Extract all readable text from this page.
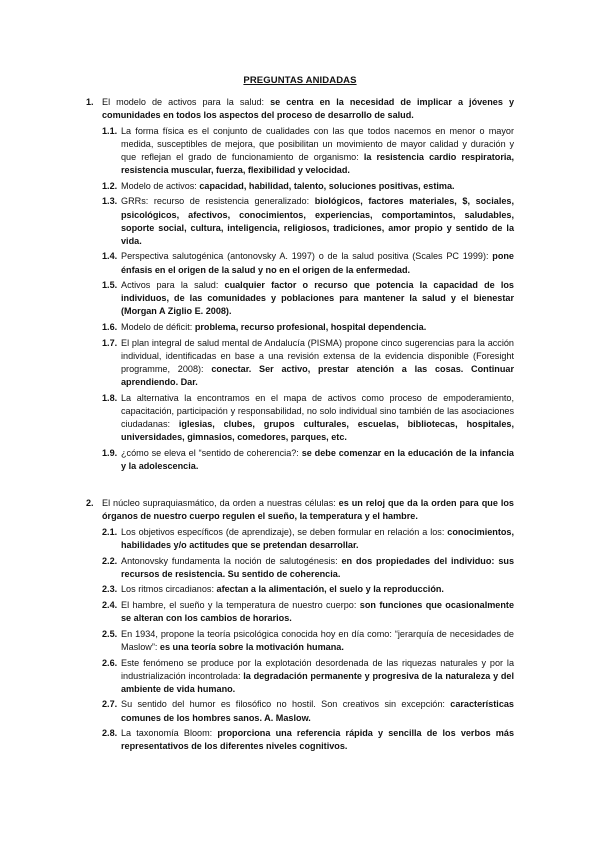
PREGUNTAS ANIDADAS
1. El modelo de activos para la salud: se centra en la necesidad de implicar a jóvenes y comunidades en todos los aspectos del proceso de desarrollo de salud.
1.1. La forma física es el conjunto de cualidades con las que todos nacemos en menor o mayor medida, susceptibles de mejora, que posibilitan un movimiento de mayor calidad y duración y que reflejan el grado de funcionamiento de organismo: la resistencia cardio respiratoria, resistencia muscular, fuerza, flexibilidad y velocidad.
1.2. Modelo de activos: capacidad, habilidad, talento, soluciones positivas, estima.
1.3. GRRs: recurso de resistencia generalizado: biológicos, factores materiales, $, sociales, psicológicos, afectivos, conocimientos, experiencias, comportamintos, saludables, soporte social, cultura, inteligencia, religiosos, tradiciones, amor propio y sentido de la vida.
1.4. Perspectiva salutogénica (antonovsky A. 1997) o de la salud positiva (Scales PC 1999): pone énfasis en el origen de la salud y no en el origen de la enfermedad.
1.5. Activos para la salud: cualquier factor o recurso que potencia la capacidad de los individuos, de las comunidades y poblaciones para mantener la salud y el bienestar (Morgan A Ziglio E. 2008).
1.6. Modelo de déficit: problema, recurso profesional, hospital dependencia.
1.7. El plan integral de salud mental de Andalucía (PISMA) propone cinco sugerencias para la acción individual, identificadas en base a una revisión extensa de la evidencia disponible (Foresight programme, 2008): conectar. Ser activo, prestar atención a las cosas. Continuar aprendiendo. Dar.
1.8. La alternativa la encontramos en el mapa de activos como proceso de empoderamiento, capacitación, participación y responsabilidad, no solo individual sino también de las asociaciones ciudadanas: iglesias, clubes, grupos culturales, escuelas, bibliotecas, hospitales, universidades, gimnasios, comedores, parques, etc.
1.9. ¿cómo se eleva el “sentido de coherencia?: se debe comenzar en la educación de la infancia y la adolescencia.
2. El núcleo supraquiasmático, da orden a nuestras células: es un reloj que da la orden para que los órganos de nuestro cuerpo regulen el sueño, la temperatura y el hambre.
2.1. Los objetivos específicos (de aprendizaje), se deben formular en relación a los: conocimientos, habilidades y/o actitudes que se pretendan desarrollar.
2.2. Antonovsky fundamenta la noción de salutogénesis: en dos propiedades del individuo: sus recursos de resistencia. Su sentido de coherencia.
2.3. Los ritmos circadianos: afectan a la alimentación, el suelo y la reproducción.
2.4. El hambre, el sueño y la temperatura de nuestro cuerpo: son funciones que ocasionalmente se alteran con los cambios de horarios.
2.5. En 1934, propone la teoría psicológica conocida hoy en día como: “jerarquía de necesidades de Maslow”: es una teoría sobre la motivación humana.
2.6. Este fenómeno se produce por la explotación desordenada de las riquezas naturales y por la industrialización incontrolada: la degradación permanente y progresiva de la naturaleza y del ambiente de vida humano.
2.7. Su sentido del humor es filosófico no hostil. Son creativos sin excepción: características comunes de los hombres sanos. A. Maslow.
2.8. La taxonomía Bloom: proporciona una referencia rápida y sencilla de los verbos más representativos de los diferentes niveles cognitivos.
